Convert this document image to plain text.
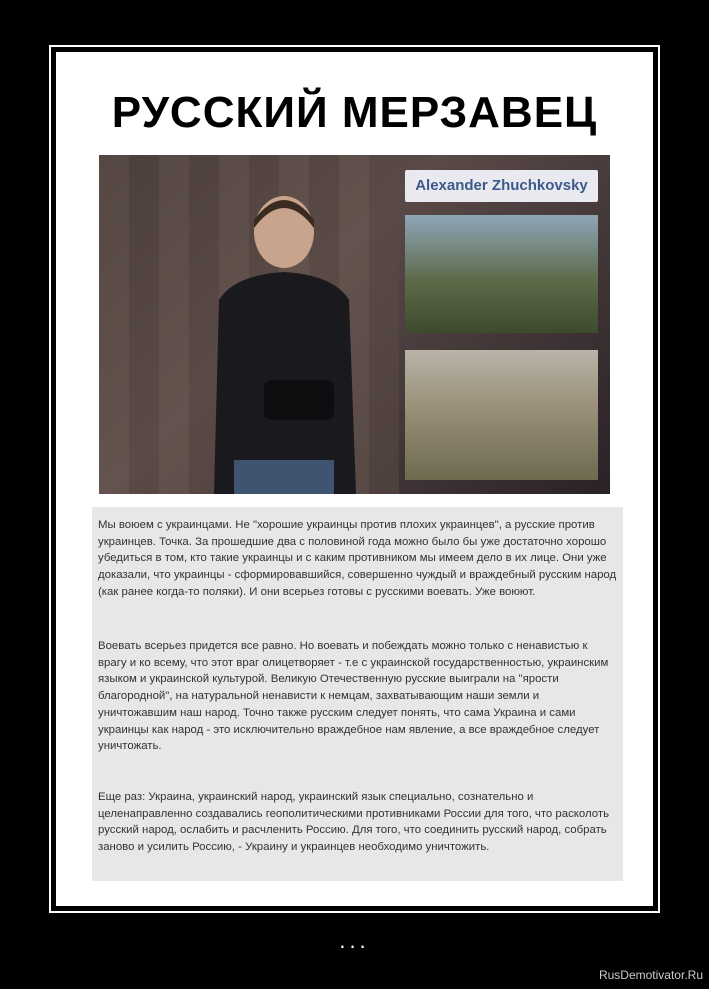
РУССКИЙ МЕРЗАВЕЦ
Alexander Zhuchkovsky
Мы воюем с украинцами. Не "хорошие украинцы против плохих украинцев", а русские против украинцев. Точка. За прошедшие два с половиной года можно было бы уже достаточно хорошо убедиться в том, кто такие украинцы и с каким противником мы имеем дело в их лице. Они уже доказали, что украинцы - сформировавшийся, совершенно чуждый и враждебный русским народ (как ранее когда-то поляки). И они всерьез готовы с русскими воевать. Уже воюют.
Воевать всерьез придется все равно. Но воевать и побеждать можно только с ненавистью к врагу и ко всему, что этот враг олицетворяет - т.е с украинской государственностью, украинским языком и украинской культурой. Великую Отечественную русские выиграли на "ярости благородной", на натуральной ненависти к немцам, захватывающим наши земли и уничтожавшим наш народ. Точно также русским следует понять, что сама Украина и сами украинцы как народ - это исключительно враждебное нам явление, а все враждебное следует уничтожать.
Еще раз: Украина, украинский народ, украинский язык специально, сознательно и целенаправленно создавались геополитическими противниками России для того, что расколоть русский народ, ослабить и расчленить Россию. Для того, что соединить русский народ, собрать заново и усилить Россию, - Украину и украинцев необходимо уничтожить.
...
RusDemotivator.Ru
